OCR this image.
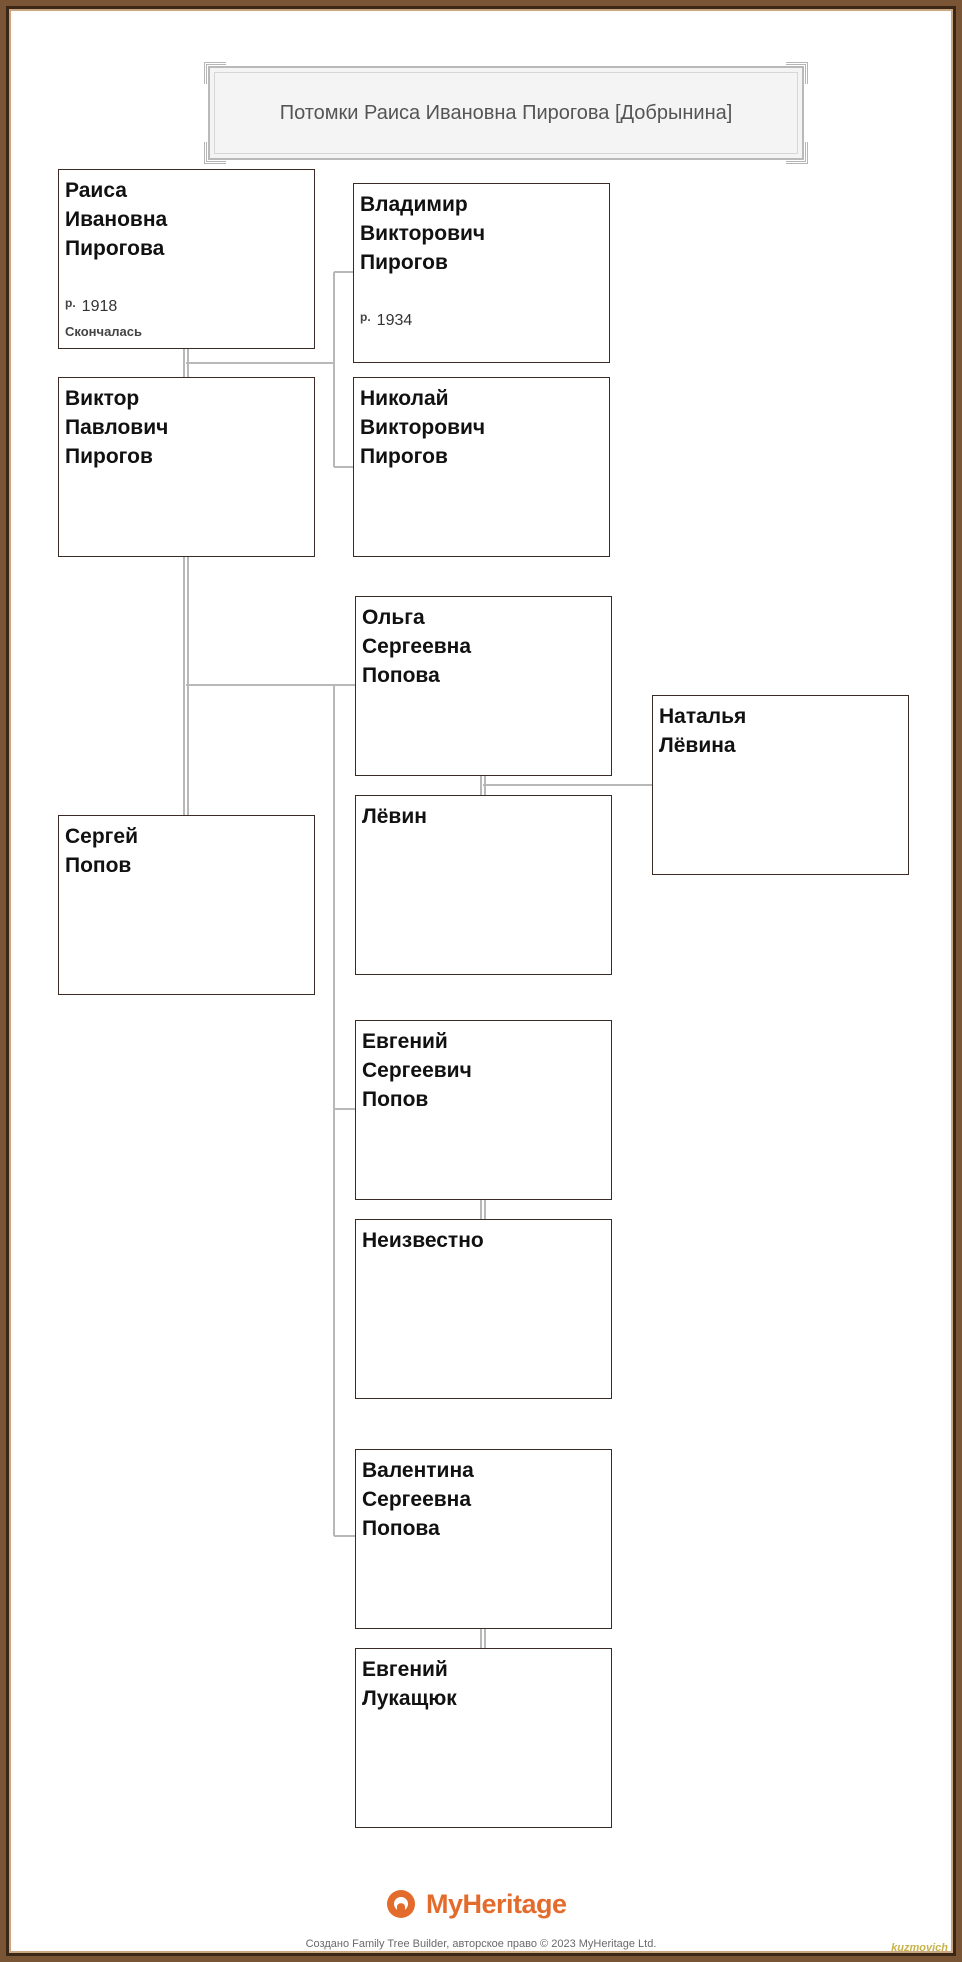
Потомки Раиса Ивановна Пирогова [Добрынина]
Раиса
Ивановна
Пирогова
р. 1918
Скончалась
Виктор
Павлович
Пирогов
Владимир
Викторович
Пирогов
р. 1934
Николай
Викторович
Пирогов
Ольга
Сергеевна
Попова
Сергей
Попов
Лёвин
Наталья
Лёвина
Евгений
Сергеевич
Попов
Неизвестно
Валентина
Сергеевна
Попова
Евгений
Лукащюк
MyHeritage
Создано Family Tree Builder, авторское право © 2023 MyHeritage Ltd.	kuzmovich
